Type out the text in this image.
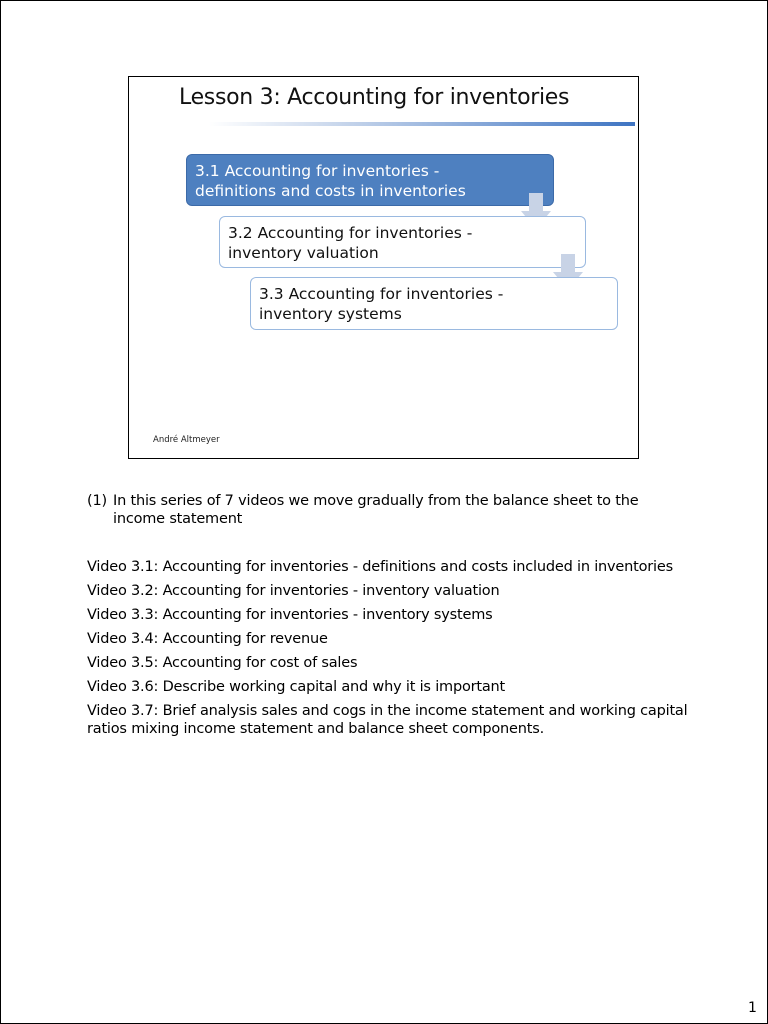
Lesson 3: Accounting for inventories
3.1 Accounting for inventories -
definitions and costs in inventories
3.2 Accounting for inventories -
inventory valuation
3.3 Accounting for inventories -
inventory systems
André Altmeyer
(1) In this series of 7 videos we move gradually from the balance sheet to the
income statement
Video 3.1: Accounting for inventories - definitions and costs included in inventories
Video 3.2: Accounting for inventories - inventory valuation
Video 3.3: Accounting for inventories - inventory systems
Video 3.4: Accounting for revenue
Video 3.5: Accounting for cost of sales
Video 3.6: Describe working capital and why it is important
Video 3.7: Brief analysis sales and cogs in the income statement and working capital
ratios mixing income statement and balance sheet components.
1
